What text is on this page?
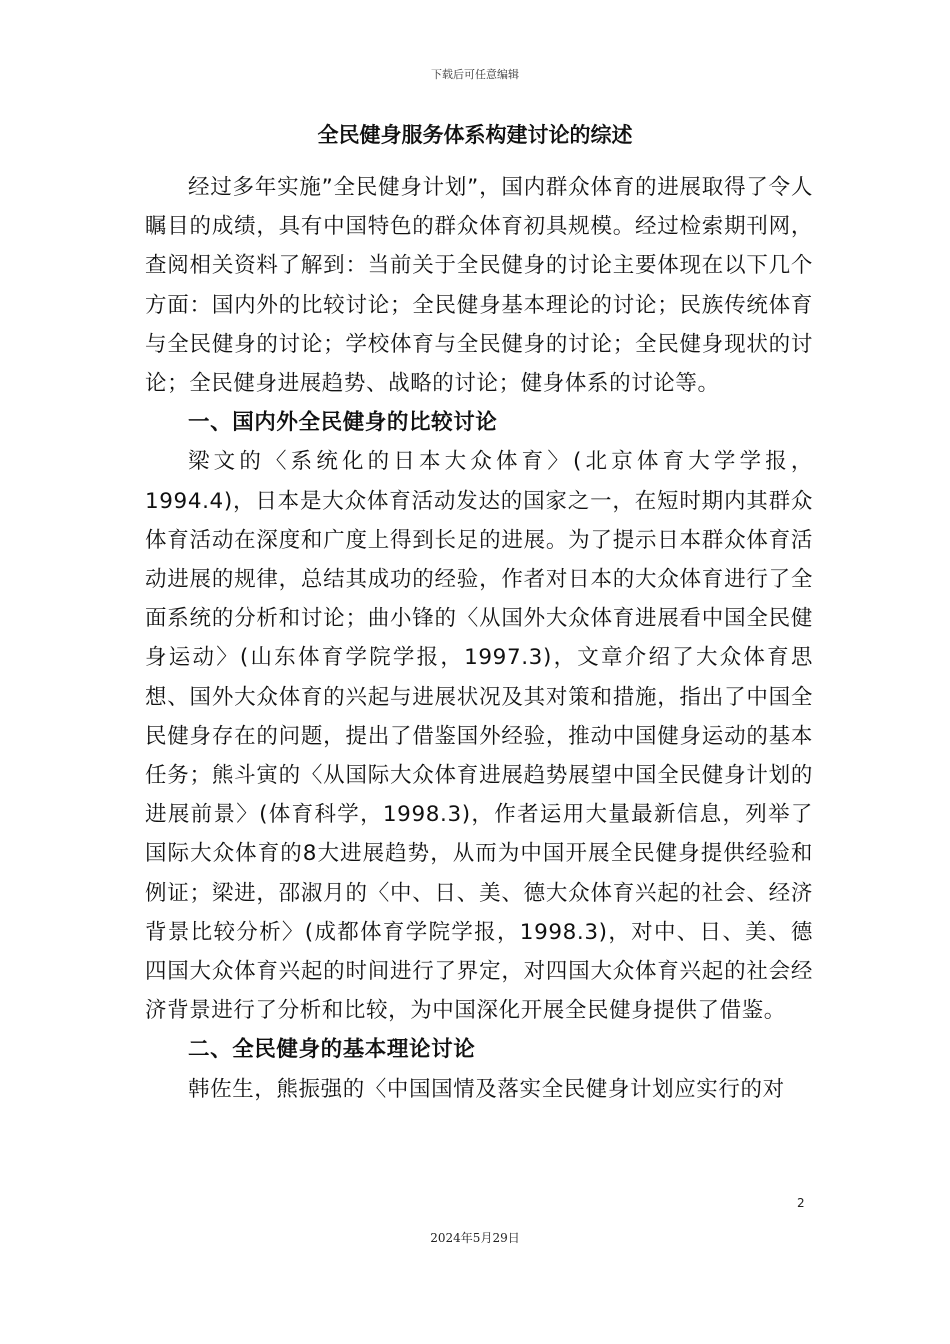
下载后可任意编辑
全民健身服务体系构建讨论的综述

经过多年实施”全民健身计划”，国内群众体育的进展取得了令人瞩目的成绩，具有中国特色的群众体育初具规模。经过检索期刊网，查阅相关资料了解到：当前关于全民健身的讨论主要体现在以下几个方面：国内外的比较讨论；全民健身基本理论的讨论；民族传统体育与全民健身的讨论；学校体育与全民健身的讨论；全民健身现状的讨论；全民健身进展趋势、战略的讨论；健身体系的讨论等。

一、国内外全民健身的比较讨论

梁文的〈系统化的日本大众体育〉(北京体育大学学报，1994.4)，日本是大众体育活动发达的国家之一，在短时期内其群众体育活动在深度和广度上得到长足的进展。为了提示日本群众体育活动进展的规律，总结其成功的经验，作者对日本的大众体育进行了全面系统的分析和讨论；曲小锋的〈从国外大众体育进展看中国全民健身运动〉(山东体育学院学报，1997.3)，文章介绍了大众体育思想、国外大众体育的兴起与进展状况及其对策和措施，指出了中国全民健身存在的问题，提出了借鉴国外经验，推动中国健身运动的基本任务；熊斗寅的〈从国际大众体育进展趋势展望中国全民健身计划的进展前景〉(体育科学，1998.3)，作者运用大量最新信息，列举了国际大众体育的8大进展趋势，从而为中国开展全民健身提供经验和例证；梁进，邵淑月的〈中、日、美、德大众体育兴起的社会、经济背景比较分析〉(成都体育学院学报，1998.3)，对中、日、美、德四国大众体育兴起的时间进行了界定，对四国大众体育兴起的社会经济背景进行了分析和比较，为中国深化开展全民健身提供了借鉴。

二、全民健身的基本理论讨论

韩佐生，熊振强的〈中国国情及落实全民健身计划应实行的对

2
2024年5月29日
